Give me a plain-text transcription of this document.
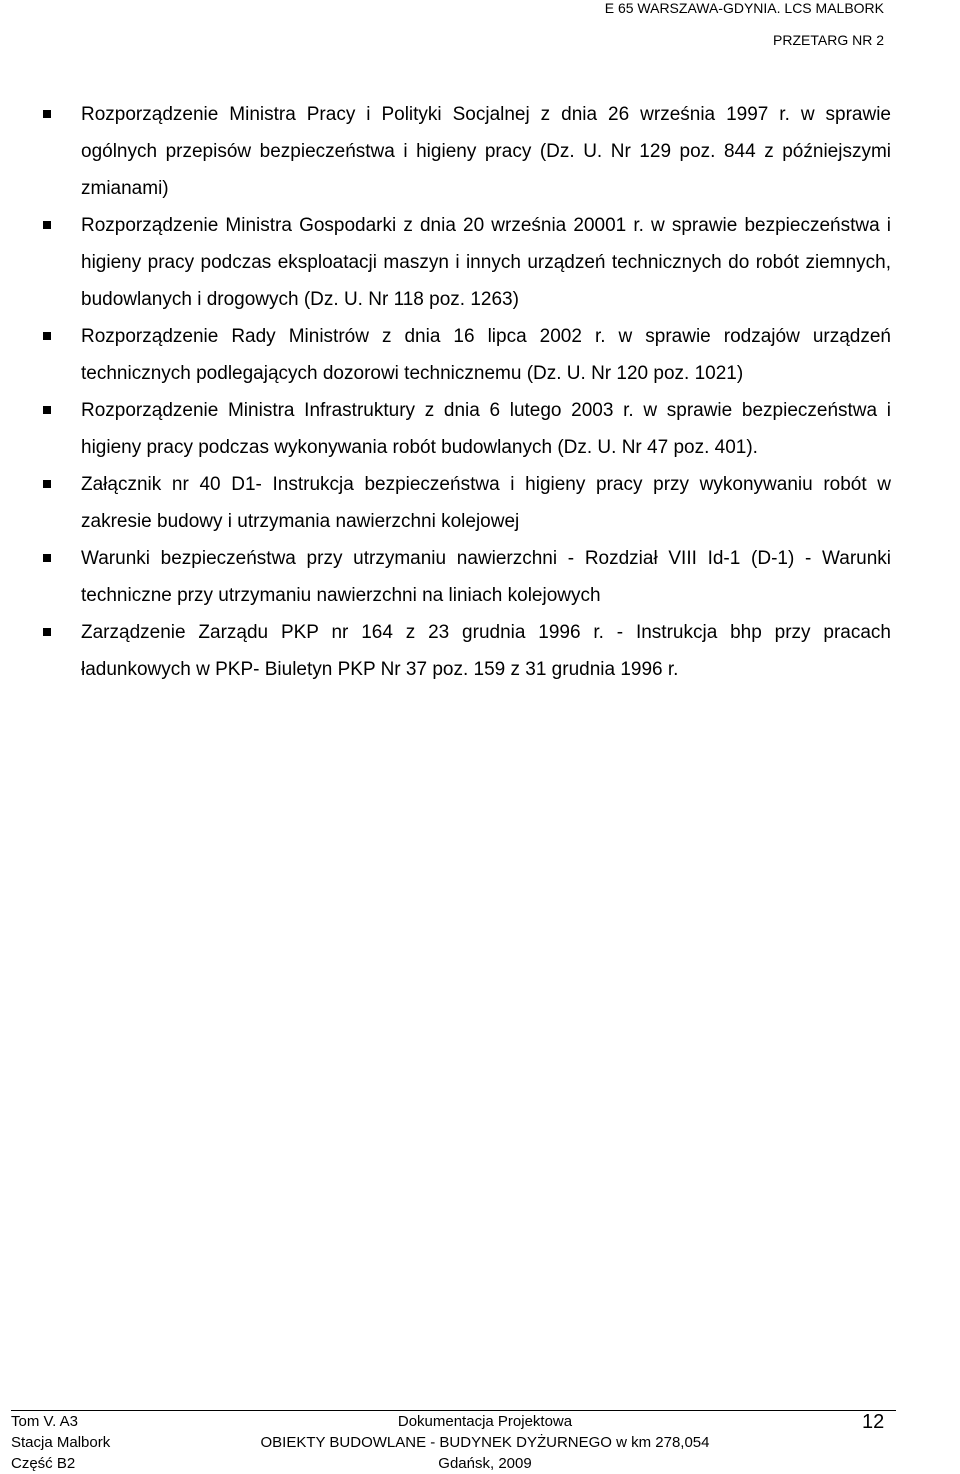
E 65 WARSZAWA-GDYNIA. LCS MALBORK
PRZETARG NR 2
Rozporządzenie Ministra Pracy i Polityki Socjalnej z dnia 26 września 1997 r. w sprawie ogólnych przepisów bezpieczeństwa i higieny pracy (Dz. U. Nr 129 poz. 844 z późniejszymi zmianami)
Rozporządzenie Ministra Gospodarki z dnia 20 września 20001 r. w sprawie bezpieczeństwa i higieny pracy podczas eksploatacji maszyn i innych urządzeń technicznych do robót ziemnych, budowlanych i drogowych (Dz. U. Nr 118 poz. 1263)
Rozporządzenie Rady Ministrów z dnia 16 lipca 2002 r. w sprawie rodzajów urządzeń technicznych podlegających dozorowi technicznemu (Dz. U. Nr 120 poz. 1021)
Rozporządzenie Ministra Infrastruktury z dnia 6 lutego 2003 r. w sprawie bezpieczeństwa i higieny pracy podczas wykonywania robót budowlanych (Dz. U. Nr 47 poz. 401).
Załącznik nr 40 D1- Instrukcja bezpieczeństwa i higieny pracy przy wykonywaniu robót w zakresie budowy i utrzymania nawierzchni kolejowej
Warunki bezpieczeństwa przy utrzymaniu nawierzchni - Rozdział VIII Id-1 (D-1) - Warunki techniczne przy utrzymaniu nawierzchni na liniach kolejowych
Zarządzenie Zarządu PKP nr 164 z 23 grudnia 1996 r. - Instrukcja bhp przy pracach ładunkowych w PKP- Biuletyn PKP Nr 37 poz. 159 z 31 grudnia 1996 r.
Tom V. A3
Stacja Malbork
Część B2
Dokumentacja Projektowa
OBIEKTY BUDOWLANE - BUDYNEK DYŻURNEGO w km 278,054
Gdańsk, 2009
12
